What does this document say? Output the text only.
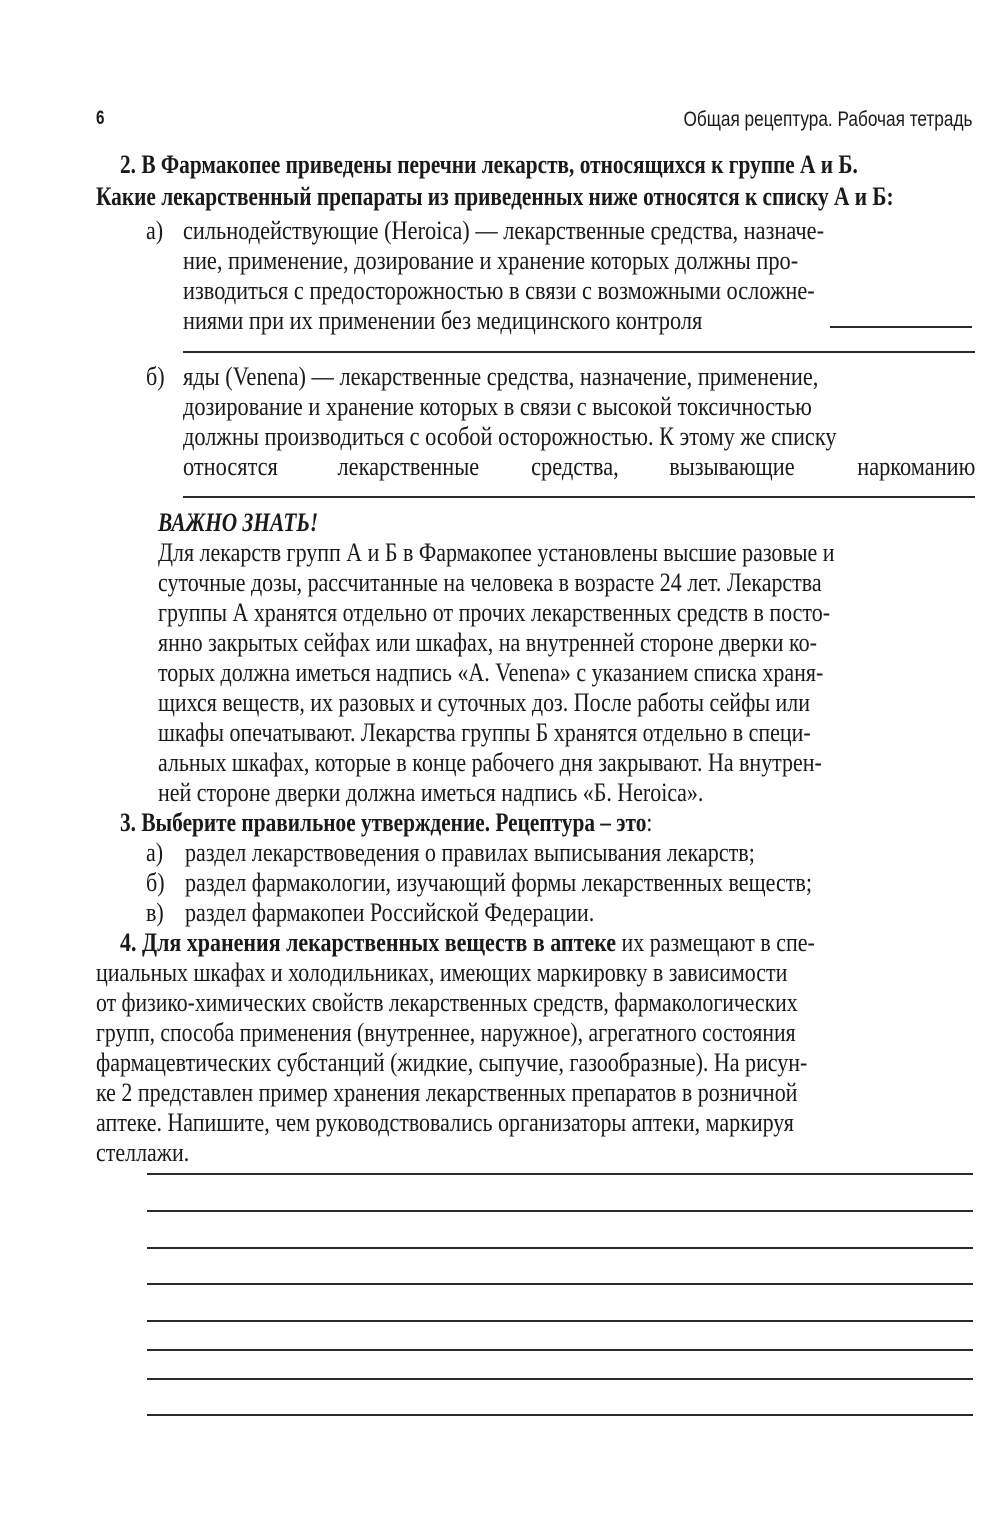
6	Общая рецептура. Рабочая тетрадь
2. В Фармакопее приведены перечни лекарств, относящихся к группе А и Б.
Какие лекарственный препараты из приведенных ниже относятся к списку А и Б:
а) сильнодействующие (Heroica) — лекарственные средства, назначе-
ние, применение, дозирование и хранение которых должны про-
изводиться с предосторожностью в связи с возможными осложне-
ниями при их применении без медицинского контроля
б) яды (Venena) — лекарственные средства, назначение, применение,
дозирование и хранение которых в связи с высокой токсичностью
должны производиться с особой осторожностью. К этому же списку
относятся лекарственные средства, вызывающие наркоманию
ВАЖНО ЗНАТЬ!
Для лекарств групп А и Б в Фармакопее установлены высшие разовые и
суточные дозы, рассчитанные на человека в возрасте 24 лет. Лекарства
группы А хранятся отдельно от прочих лекарственных средств в посто-
янно закрытых сейфах или шкафах, на внутренней стороне дверки ко-
торых должна иметься надпись «А. Venena» с указанием списка храня-
щихся веществ, их разовых и суточных доз. После работы сейфы или
шкафы опечатывают. Лекарства группы Б хранятся отдельно в специ-
альных шкафах, которые в конце рабочего дня закрывают. На внутрен-
ней стороне дверки должна иметься надпись «Б. Heroica».
3. Выберите правильное утверждение. Рецептура – это:
а) раздел лекарствоведения о правилах выписывания лекарств;
б) раздел фармакологии, изучающий формы лекарственных веществ;
в) раздел фармакопеи Российской Федерации.
4. Для хранения лекарственных веществ в аптеке их размещают в спе-
циальных шкафах и холодильниках, имеющих маркировку в зависимости
от физико-химических свойств лекарственных средств, фармакологических
групп, способа применения (внутреннее, наружное), агрегатного состояния
фармацевтических субстанций (жидкие, сыпучие, газообразные). На рисун-
ке 2 представлен пример хранения лекарственных препаратов в розничной
аптеке. Напишите, чем руководствовались организаторы аптеки, маркируя
стеллажи.
